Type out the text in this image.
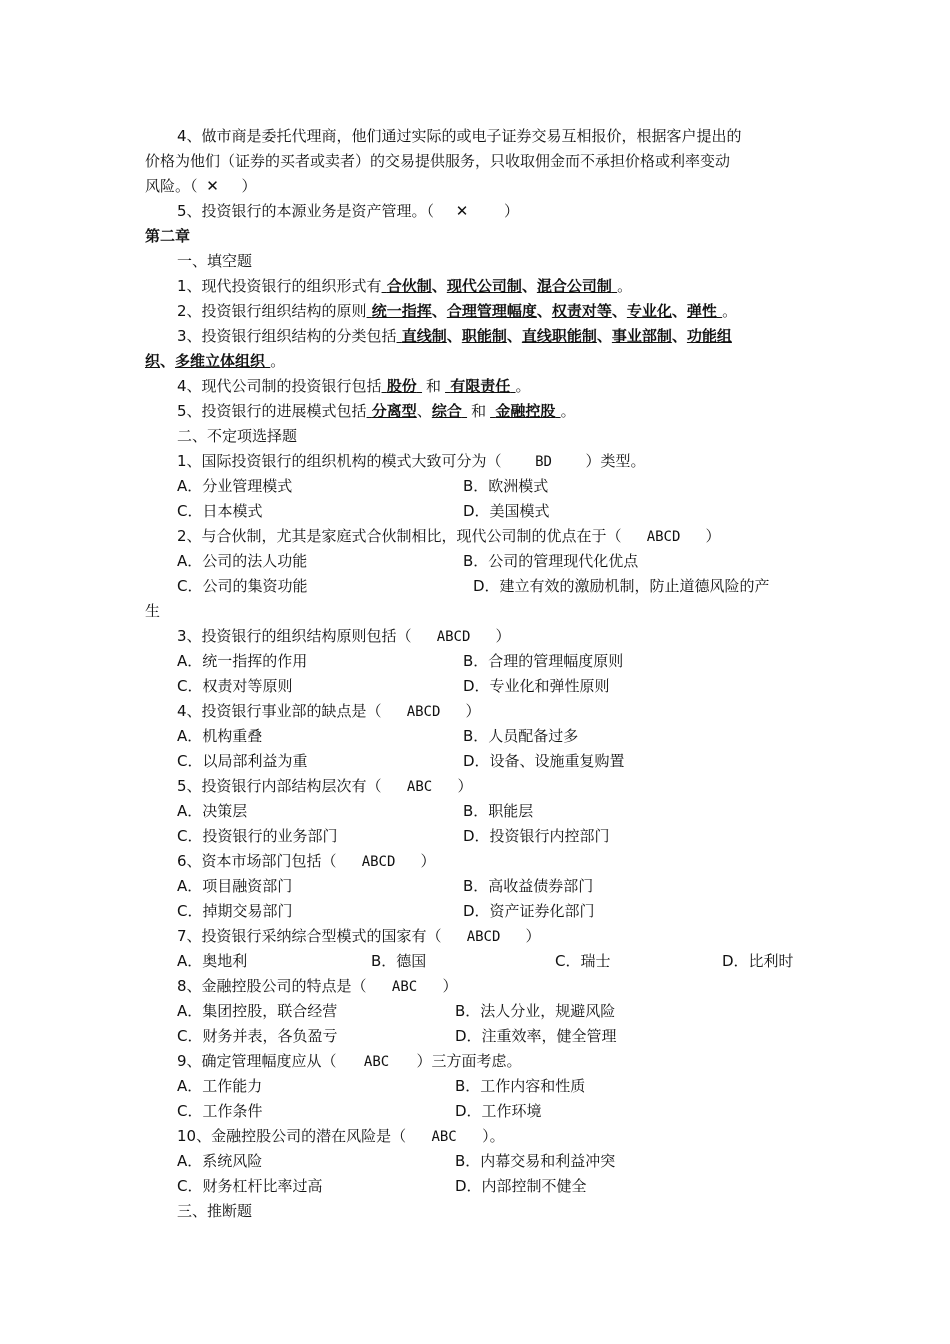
4、做市商是委托代理商，他们通过实际的或电子证券交易互相报价，根据客户提出的
价格为他们（证券的买者或卖者）的交易提供服务，只收取佣金而不承担价格或利率变动
风险。（ ✕ ）
5、投资银行的本源业务是资产管理。（ ✕ ）
第二章
一、填空题
1、现代投资银行的组织形式有 合伙制、现代公司制、混合公司制 。
2、投资银行组织结构的原则 统一指挥、合理管理幅度、权责对等、专业化、弹性 。
3、投资银行组织结构的分类包括 直线制、职能制、直线职能制、事业部制、功能组
织、多维立体组织 。
4、现代公司制的投资银行包括 股份 和 有限责任 。
5、投资银行的进展模式包括 分离型、综合 和 金融控股 。
二、不定项选择题
1、国际投资银行的组织机构的模式大致可分为（ BD ）类型。
A．分业管理模式	B．欧洲模式
C．日本模式	D．美国模式
2、与合伙制，尤其是家庭式合伙制相比，现代公司制的优点在于（ ABCD ）
A．公司的法人功能	B．公司的管理现代化优点
C．公司的集资功能	D．建立有效的激励机制，防止道德风险的产
生
3、投资银行的组织结构原则包括（ ABCD ）
A．统一指挥的作用	B．合理的管理幅度原则
C．权责对等原则	D．专业化和弹性原则
4、投资银行事业部的缺点是（ ABCD ）
A．机构重叠	B．人员配备过多
C．以局部利益为重	D．设备、设施重复购置
5、投资银行内部结构层次有（ ABC ）
A．决策层	B．职能层
C．投资银行的业务部门	D．投资银行内控部门
6、资本市场部门包括（ ABCD ）
A．项目融资部门	B．高收益债券部门
C．掉期交易部门	D．资产证券化部门
7、投资银行采纳综合型模式的国家有（ ABCD ）
A．奥地利	B．德国	C．瑞士	D．比利时
8、金融控股公司的特点是（ ABC ）
A．集团控股，联合经营	B．法人分业，规避风险
C．财务并表，各负盈亏	D．注重效率，健全管理
9、确定管理幅度应从（ ABC ）三方面考虑。
A．工作能力	B．工作内容和性质
C．工作条件	D．工作环境
10、金融控股公司的潜在风险是（ ABC ）。
A．系统风险	B．内幕交易和利益冲突
C．财务杠杆比率过高	D．内部控制不健全
三、推断题
